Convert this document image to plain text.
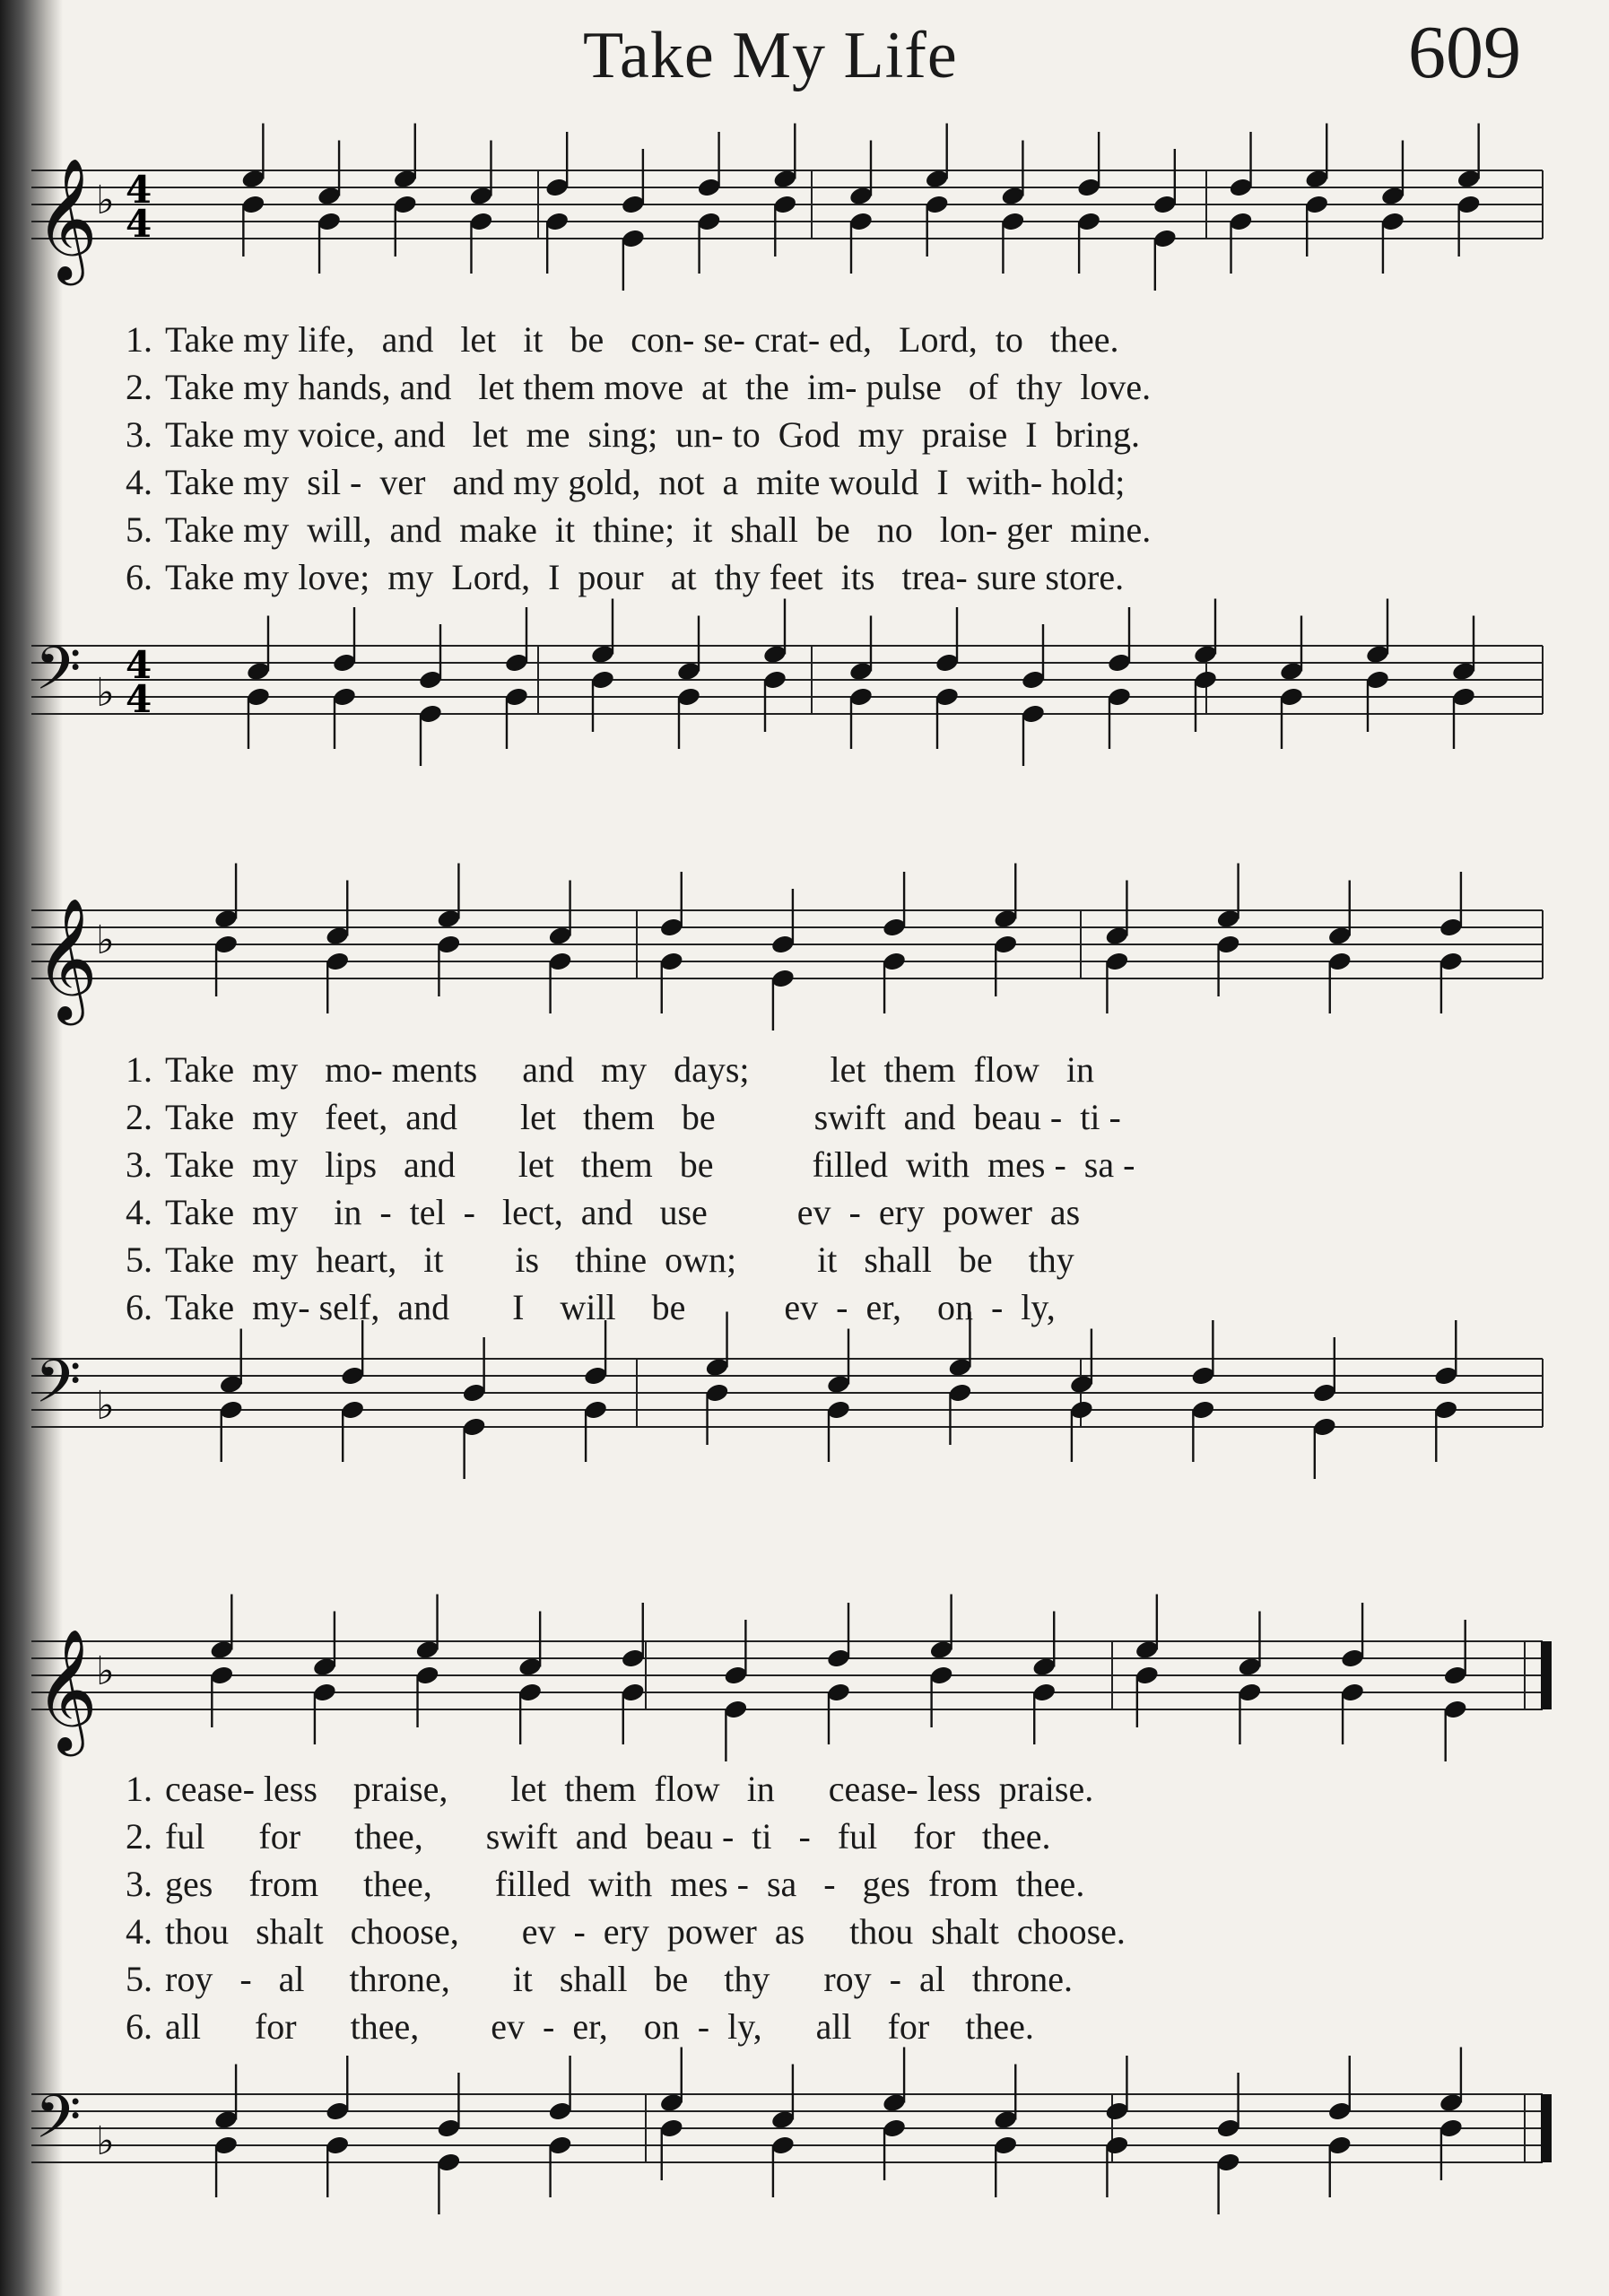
Take My Life	609
𝄞
♭ 4
4
1. Take my life,   and   let   it   be   con- se- crat- ed,   Lord,  to   thee.
2. Take my hands, and   let them move  at  the  im- pulse   of  thy  love.
3. Take my voice, and   let  me  sing;  un- to  God  my  praise  I  bring.
4. Take my  sil -  ver   and my gold,  not  a  mite would  I  with- hold;
5. Take my  will,  and  make  it  thine;  it  shall  be   no   lon- ger  mine.
6. Take my love;  my  Lord,  I  pour   at  thy feet  its   trea- sure store.
𝄢 ♭
4
4
𝄞
♭
1. Take  my   mo- ments     and   my   days;         let  them  flow   in
2. Take  my   feet,  and       let   them   be           swift  and  beau -  ti -
3. Take  my   lips   and       let   them   be           filled  with  mes -  sa -
4. Take  my    in  -  tel  -   lect,  and   use          ev  -  ery  power  as
5. Take  my  heart,   it        is    thine  own;         it   shall   be    thy
6. Take  my- self,  and       I    will    be           ev  -  er,    on  -  ly,
𝄢 ♭
𝄞
♭
1. cease- less    praise,       let  them  flow   in      cease- less  praise.
2. ful      for      thee,       swift  and  beau -  ti   -   ful    for   thee.
3. ges    from     thee,       filled  with  mes -  sa   -   ges  from  thee.
4. thou   shalt   choose,       ev  -  ery  power  as     thou  shalt  choose.
5. roy   -   al     throne,       it   shall   be    thy      roy  -  al   throne.
6. all      for      thee,        ev  -  er,    on  -  ly,      all    for    thee.
𝄢 ♭
